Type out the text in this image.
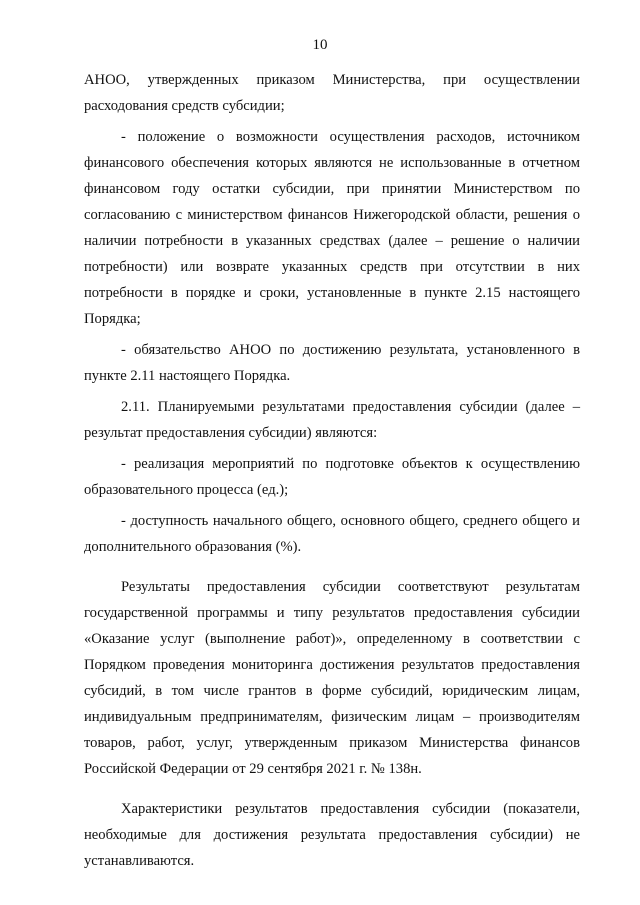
10

АНОО, утвержденных приказом Министерства, при осуществлении расходования средств субсидии;

- положение о возможности осуществления расходов, источником финансового обеспечения которых являются не использованные в отчетном финансовом году остатки субсидии, при принятии Министерством по согласованию с министерством финансов Нижегородской области, решения о наличии потребности в указанных средствах (далее – решение о наличии потребности) или возврате указанных средств при отсутствии в них потребности в порядке и сроки, установленные в пункте 2.15 настоящего Порядка;

- обязательство АНОО по достижению результата, установленного в пункте 2.11 настоящего Порядка.

2.11. Планируемыми результатами предоставления субсидии (далее – результат предоставления субсидии) являются:

- реализация мероприятий по подготовке объектов к осуществлению образовательного процесса (ед.);

- доступность начального общего, основного общего, среднего общего и дополнительного образования (%).

Результаты предоставления субсидии соответствуют результатам государственной программы и типу результатов предоставления субсидии «Оказание услуг (выполнение работ)», определенному в соответствии с Порядком проведения мониторинга достижения результатов предоставления субсидий, в том числе грантов в форме субсидий, юридическим лицам, индивидуальным предпринимателям, физическим лицам – производителям товаров, работ, услуг, утвержденным приказом Министерства финансов Российской Федерации от 29 сентября 2021 г. № 138н.

Характеристики результатов предоставления субсидии (показатели, необходимые для достижения результата предоставления субсидии) не устанавливаются.
